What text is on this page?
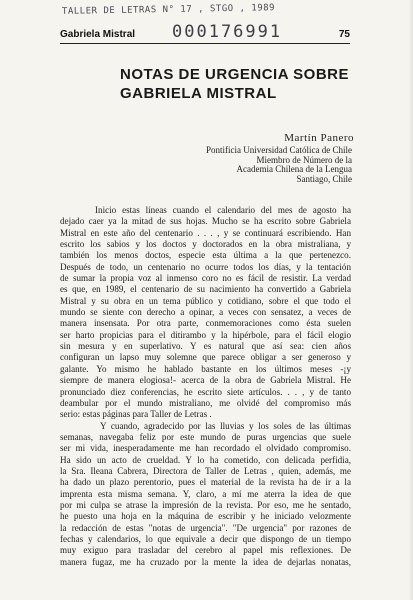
TALLER DE LETRAS N° 17 , STGO , 1989
000176991
Gabriela Mistral	75
NOTAS DE URGENCIA SOBRE
GABRIELA MISTRAL
Martín Panero
Pontificia Universidad Católica de Chile
Miembro de Número de la
Academia Chilena de la Lengua
Santiago, Chile
Inicio estas líneas cuando el calendario del mes de agosto ha
dejado caer ya la mitad de sus hojas. Mucho se ha escrito sobre Gabriela
Mistral en este año del centenario . . . , y se continuará escribiendo. Han
escrito los sabios y los doctos y doctorados en la obra mistraliana, y
también los menos doctos, especie esta última a la que pertenezco.
Después de todo, un centenario no ocurre todos los días, y la tentación
de sumar la propia voz al inmenso coro no es fácil de resistir. La verdad
es que, en 1989, el centenario de su nacimiento ha convertido a Gabriela
Mistral y su obra en un tema público y cotidiano, sobre el que todo el
mundo se siente con derecho a opinar, a veces con sensatez, a veces de
manera insensata. Por otra parte, conmemoraciones como ésta suelen
ser harto propicias para el ditirambo y la hipérbole, para el fácil elogio
sin mesura y en superlativo. Y es natural que así sea: cien años
configuran un lapso muy solemne que parece obligar a ser generoso y
galante. Yo mismo he hablado bastante en los últimos meses -¡y
siempre de manera elogiosa!- acerca de la obra de Gabriela Mistral. He
pronunciado diez conferencias, he escrito siete artículos. . . , y de tanto
deambular por el mundo mistraliano, me olvidé del compromiso más
serio: estas páginas para Taller de Letras .
Y cuando, agradecido por las lluvias y los soles de las últimas
semanas, navegaba feliz por este mundo de puras urgencias que suele
ser mi vida, inesperadamente me han recordado el olvidado compromiso.
Ha sido un acto de crueldad. Y lo ha cometido, con delicada perfidia,
la Sra. Ileana Cabrera, Directora de Taller de Letras , quien, además, me
ha dado un plazo perentorio, pues el material de la revista ha de ir a la
imprenta esta misma semana. Y, claro, a mí me aterra la idea de que
por mi culpa se atrase la impresión de la revista. Por eso, me he sentado,
he puesto una hoja en la máquina de escribir y he iniciado velozmente
la redacción de estas "notas de urgencia". "De urgencia" por razones de
fechas y calendarios, lo que equivale a decir que dispongo de un tiempo
muy exiguo para trasladar del cerebro al papel mis reflexiones. De
manera fugaz, me ha cruzado por la mente la idea de dejarlas nonatas,
